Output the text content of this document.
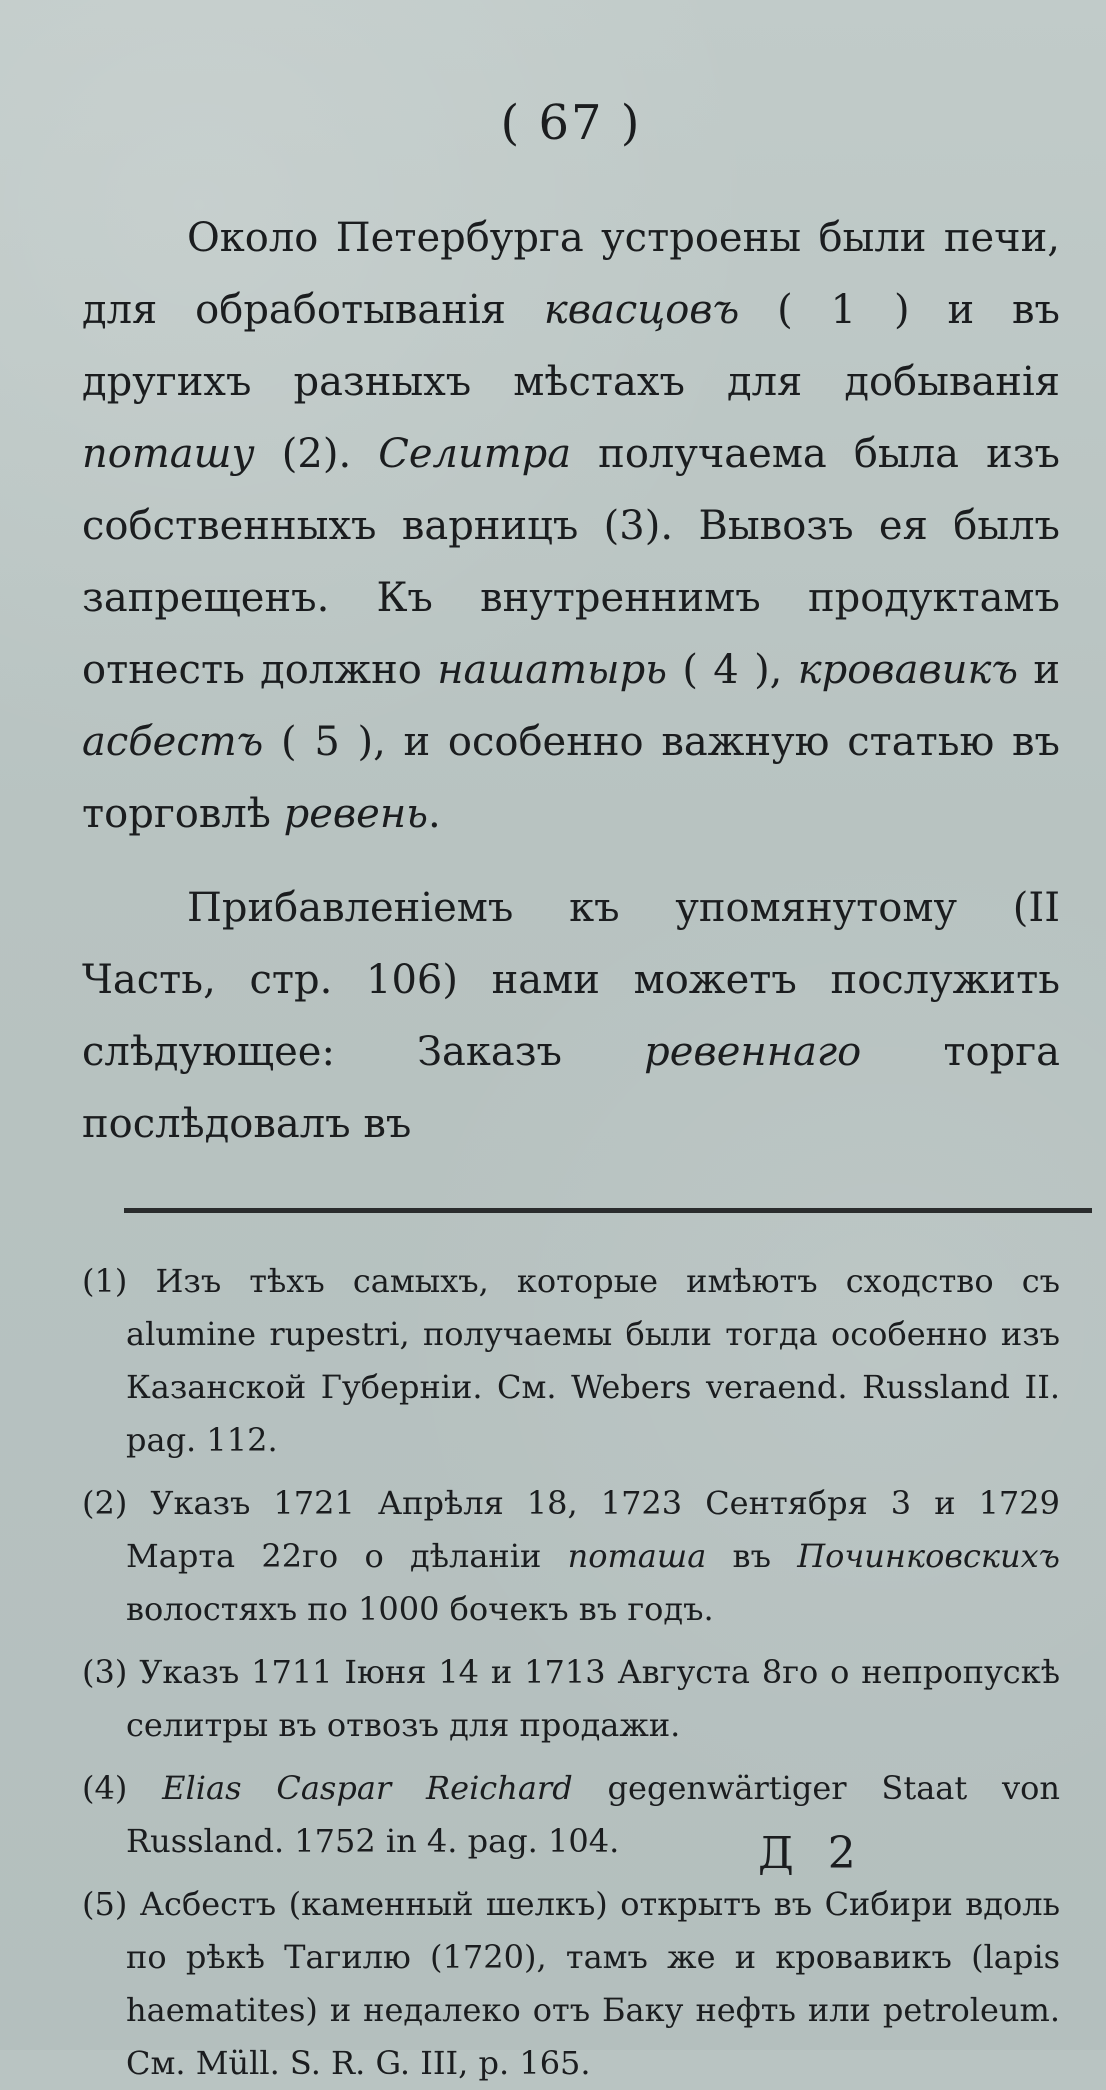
( 67 )

Около Петербурга устроены были печи, для обработыванія квасцовъ ( 1 ) и въ другихъ разныхъ мѣстахъ для добыванія поташу (2). Селитра получаема была изъ собственныхъ варницъ (3). Вывозъ ея былъ запрещенъ. Къ внутреннимъ продуктамъ отнесть должно нашатырь ( 4 ), кровавикъ и асбестъ ( 5 ), и особенно важную статью въ торговлѣ ревень.

Прибавленіемъ къ упомянутому (II Часть, стр. 106) нами можетъ послужить слѣдующее: Заказъ ревеннаго торга послѣдовалъ въ

(1) Изъ тѣхъ самыхъ, которые имѣютъ сходство съ alumine rupestri, получаемы были тогда особенно изъ Казанской Губерніи. См. Webers veraend. Russland II. pag. 112.

(2) Указъ 1721 Апрѣля 18, 1723 Сентября 3 и 1729 Марта 22го о дѣланіи поташа въ Починковскихъ волостяхъ по 1000 бочекъ въ годъ.

(3) Указъ 1711 Іюня 14 и 1713 Августа 8го о непропускѣ селитры въ отвозъ для продажи.

(4) Elias Caspar Reichard gegenwärtiger Staat von Russland. 1752 in 4. pag. 104.

(5) Асбестъ (каменный шелкъ) открытъ въ Сибири вдоль по рѣкѣ Тагилю (1720), тамъ же и кровавикъ (lapis haematites) и недалеко отъ Баку нефть или petroleum. См. Müll. S. R. G. III, p. 165.

Д 2
